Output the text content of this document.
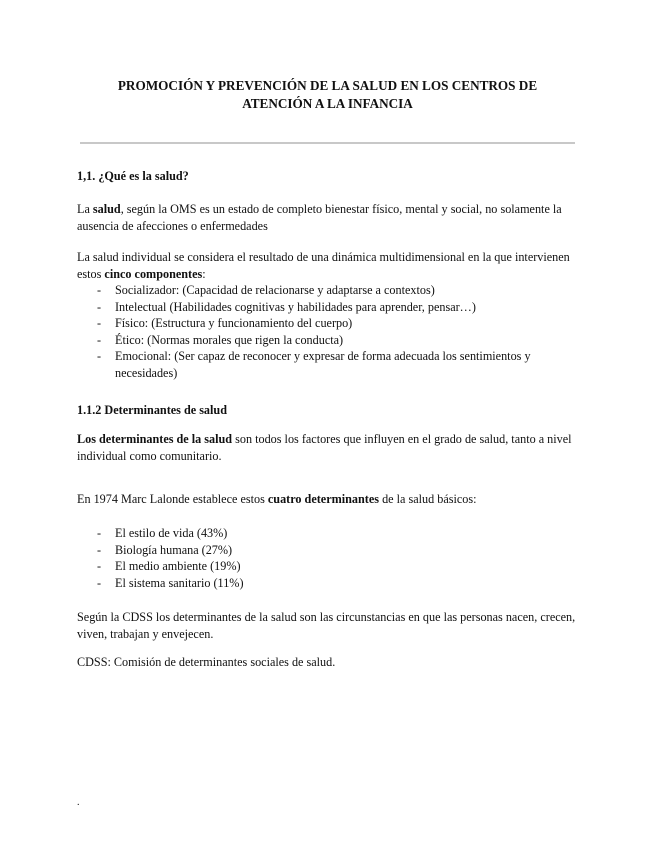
PROMOCIÓN Y PREVENCIÓN DE LA SALUD EN LOS CENTROS DE
ATENCIÓN A LA INFANCIA
1,1. ¿Qué es la salud?
La salud, según la OMS es un estado de completo bienestar físico, mental y social, no solamente la ausencia de afecciones o enfermedades
La salud individual se considera el resultado de una dinámica multidimensional en la que intervienen estos cinco componentes:
- Socializador: (Capacidad de relacionarse y adaptarse a contextos)
- Intelectual (Habilidades cognitivas y habilidades para aprender, pensar…)
- Físico: (Estructura y funcionamiento del cuerpo)
- Ético: (Normas morales que rigen la conducta)
- Emocional: (Ser capaz de reconocer y expresar de forma adecuada los sentimientos y necesidades)
1.1.2 Determinantes de salud
Los determinantes de la salud son todos los factores que influyen en el grado de salud, tanto a nivel individual como comunitario.
En 1974 Marc Lalonde establece estos cuatro determinantes de la salud básicos:
- El estilo de vida (43%)
- Biología humana (27%)
- El medio ambiente (19%)
- El sistema sanitario (11%)
Según la CDSS los determinantes de la salud son las circunstancias en que las personas nacen, crecen, viven, trabajan y envejecen.
CDSS: Comisión de determinantes sociales de salud.
.
